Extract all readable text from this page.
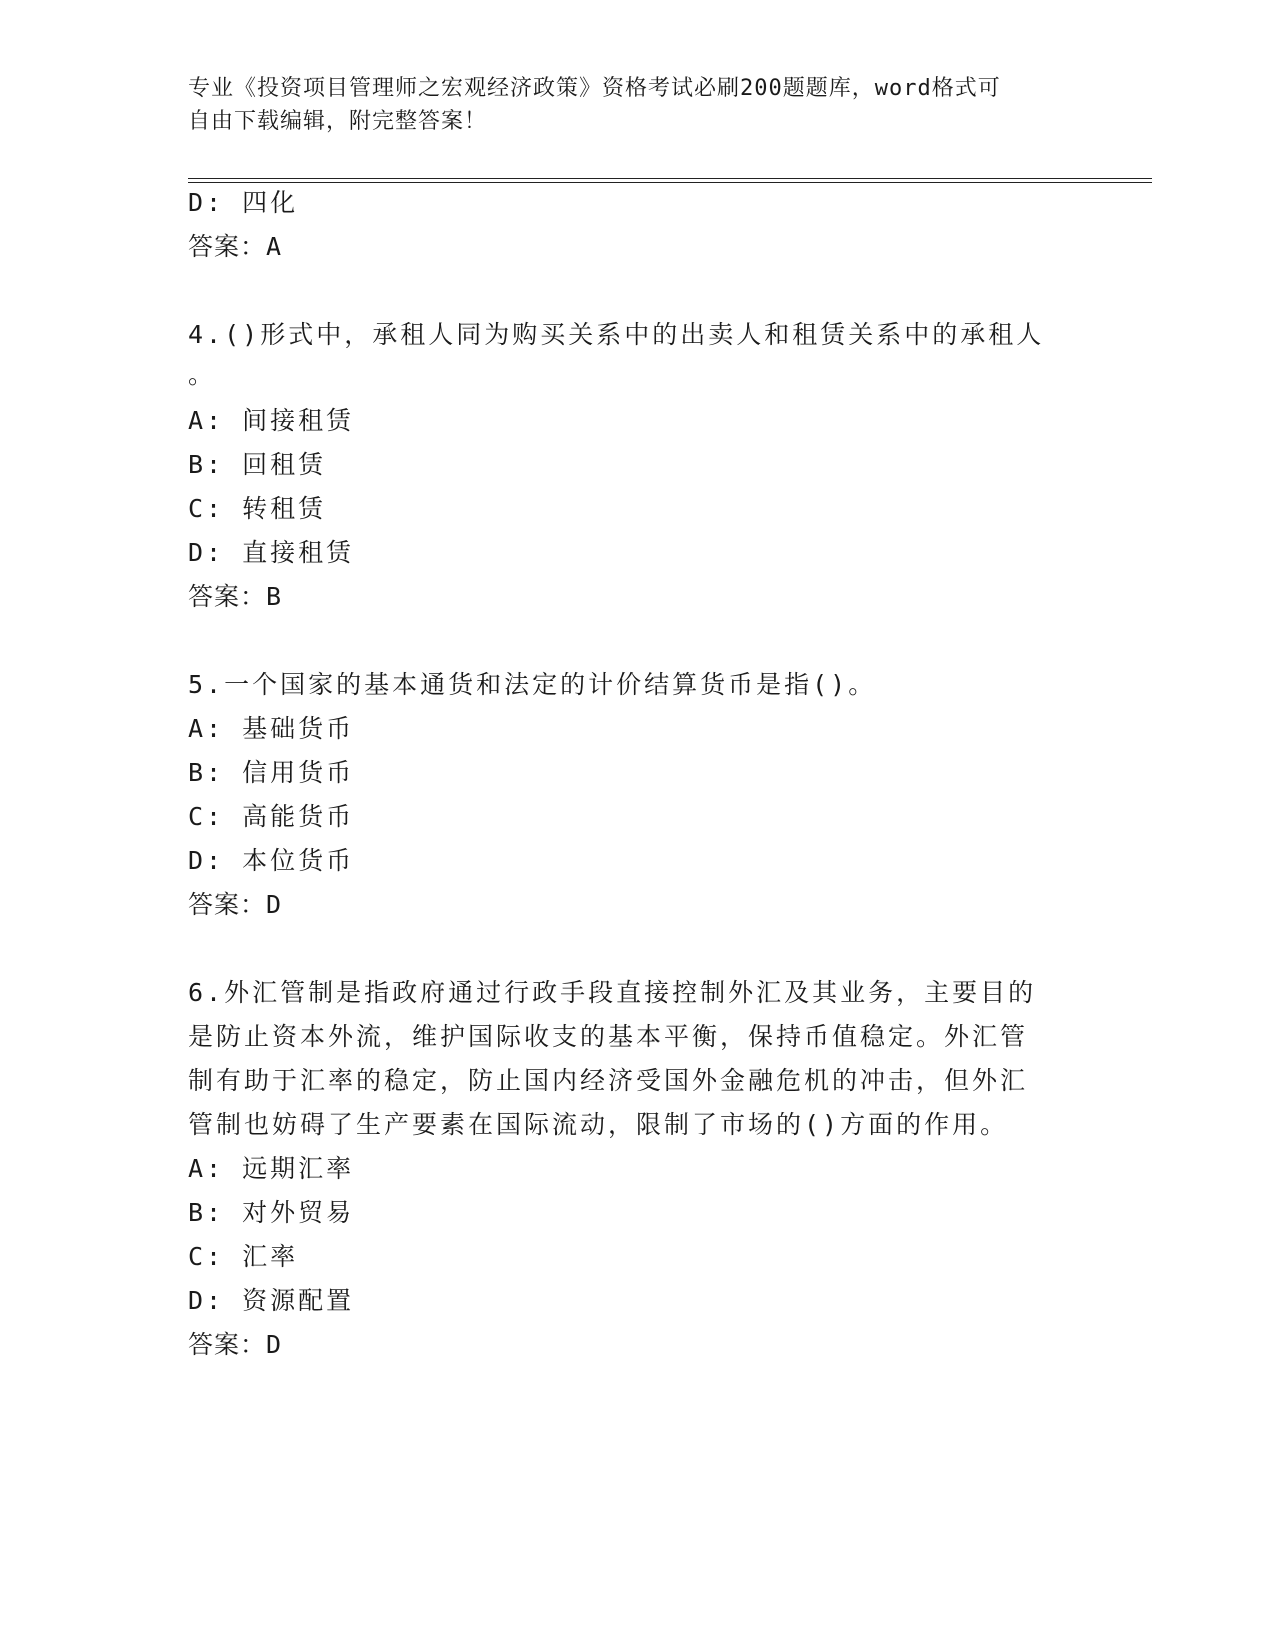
专业《投资项目管理师之宏观经济政策》资格考试必刷200题题库，word格式可
自由下载编辑，附完整答案！
D: 四化
答案：A
4.()形式中，承租人同为购买关系中的出卖人和租赁关系中的承租人
。
A: 间接租赁
B: 回租赁
C: 转租赁
D: 直接租赁
答案：B
5.一个国家的基本通货和法定的计价结算货币是指()。
A: 基础货币
B: 信用货币
C: 高能货币
D: 本位货币
答案：D
6.外汇管制是指政府通过行政手段直接控制外汇及其业务，主要目的
是防止资本外流，维护国际收支的基本平衡，保持币值稳定。外汇管
制有助于汇率的稳定，防止国内经济受国外金融危机的冲击，但外汇
管制也妨碍了生产要素在国际流动，限制了市场的()方面的作用。
A: 远期汇率
B: 对外贸易
C: 汇率
D: 资源配置
答案：D
